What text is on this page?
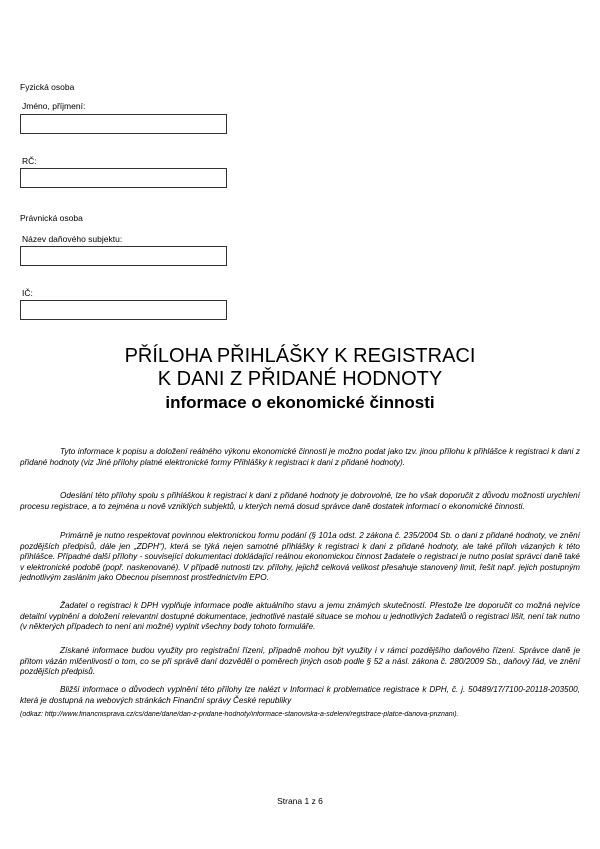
Fyzická osoba
Jméno, příjmení:
RČ:
Právnická osoba
Název daňového subjektu:
IČ:
PŘÍLOHA PŘIHLÁŠKY K REGISTRACI
K DANI Z PŘIDANÉ HODNOTY
informace o ekonomické činnosti
Tyto informace k popisu a doložení reálného výkonu ekonomické činnosti je možno podat jako tzv. jinou přílohu k přihlášce k registraci k dani z přidané hodnoty (viz Jiné přílohy platné elektronické formy Přihlášky k registraci k dani z přidané hodnoty).
Odeslání této přílohy spolu s přihláškou k registraci k dani z přidané hodnoty je dobrovolné, lze ho však doporučit z důvodu možnosti urychlení procesu registrace, a to zejména u nově vzniklých subjektů, u kterých nemá dosud správce daně dostatek informací o ekonomické činnosti.
Primárně je nutno respektovat povinnou elektronickou formu podání (§ 101a odst. 2 zákona č. 235/2004 Sb. o dani z přidané hodnoty, ve znění pozdějších předpisů, dále jen „ZDPH“), která se týká nejen samotné přihlášky k registraci k dani z přidané hodnoty, ale také příloh vázaných k této přihlášce. Případné další přílohy - související dokumentaci dokládající reálnou ekonomickou činnost žadatele o registraci je nutno poslat správci daně také v elektronické podobě (popř. naskenované). V případě nutnosti tzv. přílohy, jejichž celková velikost přesahuje stanovený limit, řešit např. jejich postupným jednotlivým zasláním jako Obecnou písemnost prostřednictvím EPO.
Žadatel o registraci k DPH vyplňuje informace podle aktuálního stavu a jemu známých skutečností. Přestože lze doporučit co možná nejvíce detailní vyplnění a doložení relevantní dostupné dokumentace, jednotlivé nastalé situace se mohou u jednotlivých žadatelů o registraci lišit, není tak nutno (v některých případech to není ani možné) vyplnit všechny body tohoto formuláře.
Získané informace budou využity pro registrační řízení, případně mohou být využity i v rámci pozdějšího daňového řízení. Správce daně je přitom vázán mlčenlivostí o tom, co se při správě daní dozvěděl o poměrech jiných osob podle § 52 a násl. zákona č. 280/2009 Sb., daňový řád, ve znění pozdějších předpisů.
Bližší informace o důvodech vyplnění této přílohy lze nalézt v Informaci k problematice registrace k DPH, č. j. 50489/17/7100-20118-203500, která je dostupná na webových stránkách Finanční správy České republiky
(odkaz: http://www.financnisprava.cz/cs/dane/dane/dan-z-pridane-hodnoty/informace-stanoviska-a-sdeleni/registrace-platce-danova-priznani).
Strana 1 z 6
